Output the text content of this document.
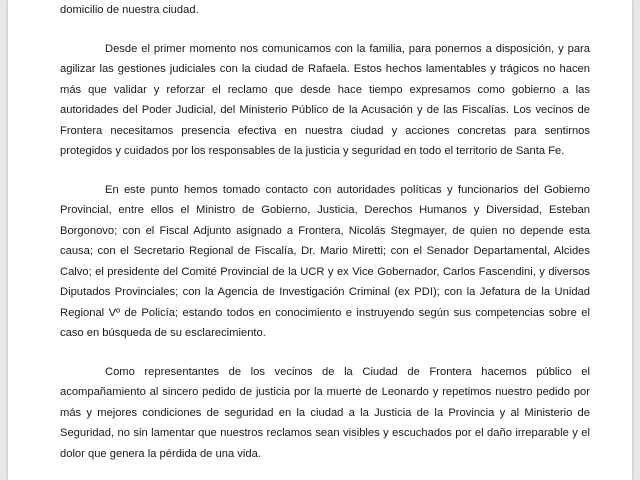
domicilio de nuestra ciudad.

Desde el primer momento nos comunicamos con la familia, para ponernos a disposición, y para agilizar las gestiones judiciales con la ciudad de Rafaela. Estos hechos lamentables y trágicos no hacen más que validar y reforzar el reclamo que desde hace tiempo expresamos como gobierno a las autoridades del Poder Judicial, del Ministerio Público de la Acusación y de las Fiscalías. Los vecinos de Frontera necesitamos presencia efectiva en nuestra ciudad y acciones concretas para sentirnos protegidos y cuidados por los responsables de la justicia y seguridad en todo el territorio de Santa Fe.

En este punto hemos tomado contacto con autoridades políticas y funcionarios del Gobierno Provincial, entre ellos el Ministro de Gobierno, Justicia, Derechos Humanos y Diversidad, Esteban Borgonovo; con el Fiscal Adjunto asignado a Frontera, Nicolás Stegmayer, de quien no depende esta causa; con el Secretario Regional de Fiscalía, Dr. Mario Miretti; con el Senador Departamental, Alcides Calvo; el presidente del Comité Provincial de la UCR y ex Vice Gobernador, Carlos Fascendini, y diversos Diputados Provinciales; con la Agencia de Investigación Criminal (ex PDI); con la Jefatura de la Unidad Regional Vº de Policía; estando todos en conocimiento e instruyendo según sus competencias sobre el caso en búsqueda de su esclarecimiento.

Como representantes de los vecinos de la Ciudad de Frontera hacemos público el acompañamiento al sincero pedido de justicia por la muerte de Leonardo y repetimos nuestro pedido por más y mejores condiciones de seguridad en la ciudad a la Justicia de la Provincia y al Ministerio de Seguridad, no sin lamentar que nuestros reclamos sean visibles y escuchados por el daño irreparable y el dolor que genera la pérdida de una vida.
